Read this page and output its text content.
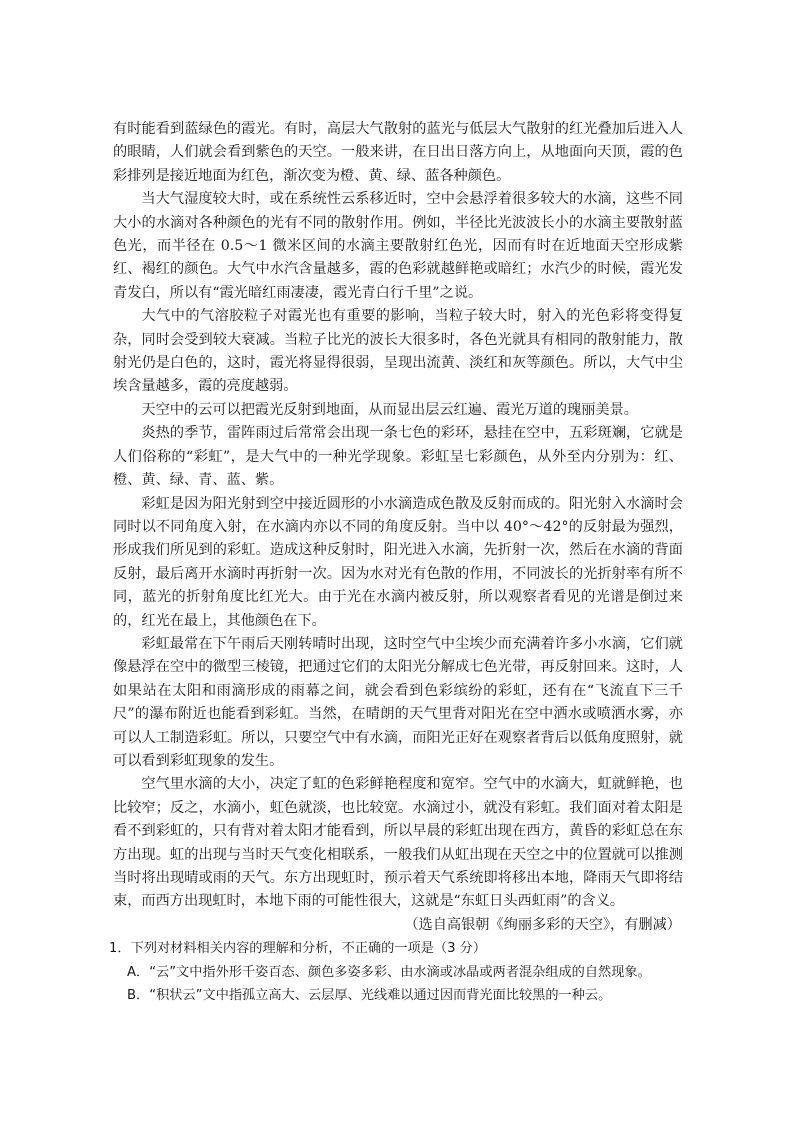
有时能看到蓝绿色的霞光。有时，高层大气散射的蓝光与低层大气散射的红光叠加后进入人的眼睛，人们就会看到紫色的天空。一般来讲，在日出日落方向上，从地面向天顶，霞的色彩排列是接近地面为红色，渐次变为橙、黄、绿、蓝各种颜色。

当大气湿度较大时，或在系统性云系移近时，空中会悬浮着很多较大的水滴，这些不同大小的水滴对各种颜色的光有不同的散射作用。例如，半径比光波波长小的水滴主要散射蓝色光，而半径在 0.5～1 微米区间的水滴主要散射红色光，因而有时在近地面天空形成紫红、褐红的颜色。大气中水汽含量越多，霞的色彩就越鲜艳或暗红；水汽少的时候，霞光发青发白，所以有“霞光暗红雨凄凄，霞光青白行千里”之说。

大气中的气溶胶粒子对霞光也有重要的影响，当粒子较大时，射入的光色彩将变得复杂，同时会受到较大衰减。当粒子比光的波长大很多时，各色光就具有相同的散射能力，散射光仍是白色的，这时，霞光将显得很弱，呈现出流黄、淡红和灰等颜色。所以，大气中尘埃含量越多，霞的亮度越弱。

天空中的云可以把霞光反射到地面，从而显出层云红遍、霞光万道的瑰丽美景。

炎热的季节，雷阵雨过后常常会出现一条七色的彩环，悬挂在空中，五彩斑斓，它就是人们俗称的“彩虹”，是大气中的一种光学现象。彩虹呈七彩颜色，从外至内分别为：红、橙、黄、绿、青、蓝、紫。

彩虹是因为阳光射到空中接近圆形的小水滴造成色散及反射而成的。阳光射入水滴时会同时以不同角度入射，在水滴内亦以不同的角度反射。当中以 40°～42°的反射最为强烈，形成我们所见到的彩虹。造成这种反射时，阳光进入水滴，先折射一次，然后在水滴的背面反射，最后离开水滴时再折射一次。因为水对光有色散的作用，不同波长的光折射率有所不同，蓝光的折射角度比红光大。由于光在水滴内被反射，所以观察者看见的光谱是倒过来的，红光在最上，其他颜色在下。

彩虹最常在下午雨后天刚转晴时出现，这时空气中尘埃少而充满着许多小水滴，它们就像悬浮在空中的微型三棱镜，把通过它们的太阳光分解成七色光带，再反射回来。这时，人如果站在太阳和雨滴形成的雨幕之间，就会看到色彩缤纷的彩虹，还有在“飞流直下三千尺”的瀑布附近也能看到彩虹。当然，在晴朗的天气里背对阳光在空中洒水或喷洒水雾，亦可以人工制造彩虹。所以，只要空气中有水滴，而阳光正好在观察者背后以低角度照射，就可以看到彩虹现象的发生。

空气里水滴的大小，决定了虹的色彩鲜艳程度和宽窄。空气中的水滴大，虹就鲜艳，也比较窄；反之，水滴小，虹色就淡，也比较宽。水滴过小，就没有彩虹。我们面对着太阳是看不到彩虹的，只有背对着太阳才能看到，所以早晨的彩虹出现在西方，黄昏的彩虹总在东方出现。虹的出现与当时天气变化相联系，一般我们从虹出现在天空之中的位置就可以推测当时将出现晴或雨的天气。东方出现虹时，预示着天气系统即将移出本地，降雨天气即将结束，而西方出现虹时，本地下雨的可能性很大，这就是“东虹日头西虹雨”的含义。

（选自高银朝《绚丽多彩的天空》，有删减）

1．下列对材料相关内容的理解和分析，不正确的一项是（3 分）

A．“云”文中指外形千姿百态、颜色多姿多彩、由水滴或冰晶或两者混杂组成的自然现象。

B．“积状云”文中指孤立高大、云层厚、光线难以通过因而背光面比较黑的一种云。
